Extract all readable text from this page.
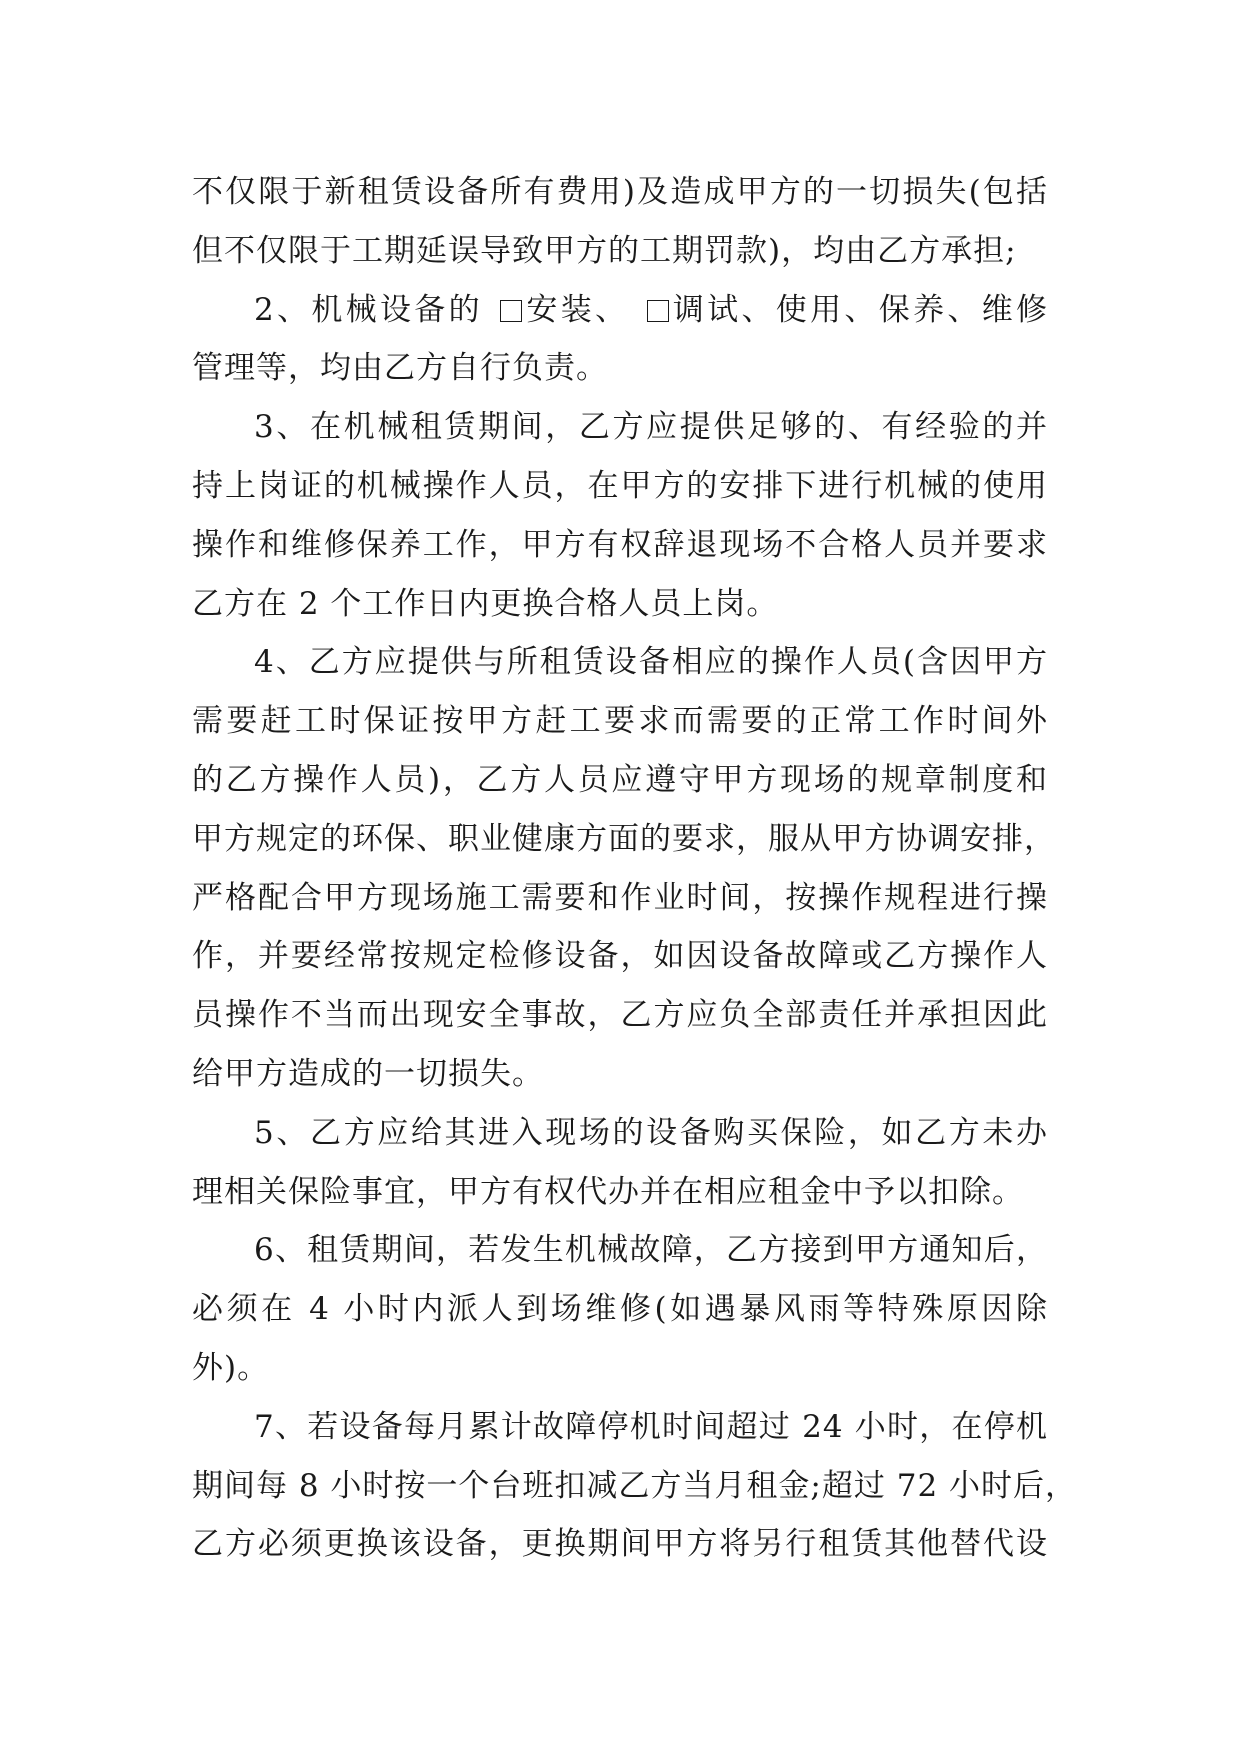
不仅限于新租赁设备所有费用)及造成甲方的一切损失(包括
但不仅限于工期延误导致甲方的工期罚款)，均由乙方承担;
2、机械设备的 安装、 调试、使用、保养、维修
管理等，均由乙方自行负责。
3、在机械租赁期间，乙方应提供足够的、有经验的并
持上岗证的机械操作人员，在甲方的安排下进行机械的使用
操作和维修保养工作，甲方有权辞退现场不合格人员并要求
乙方在 2 个工作日内更换合格人员上岗。
4、乙方应提供与所租赁设备相应的操作人员(含因甲方
需要赶工时保证按甲方赶工要求而需要的正常工作时间外
的乙方操作人员)，乙方人员应遵守甲方现场的规章制度和
甲方规定的环保、职业健康方面的要求，服从甲方协调安排，
严格配合甲方现场施工需要和作业时间，按操作规程进行操
作，并要经常按规定检修设备，如因设备故障或乙方操作人
员操作不当而出现安全事故，乙方应负全部责任并承担因此
给甲方造成的一切损失。
5、乙方应给其进入现场的设备购买保险，如乙方未办
理相关保险事宜，甲方有权代办并在相应租金中予以扣除。
6、租赁期间，若发生机械故障，乙方接到甲方通知后，
必须在 4 小时内派人到场维修(如遇暴风雨等特殊原因除
外)。
7、若设备每月累计故障停机时间超过 24 小时，在停机
期间每 8 小时按一个台班扣减乙方当月租金;超过 72 小时后，
乙方必须更换该设备，更换期间甲方将另行租赁其他替代设
